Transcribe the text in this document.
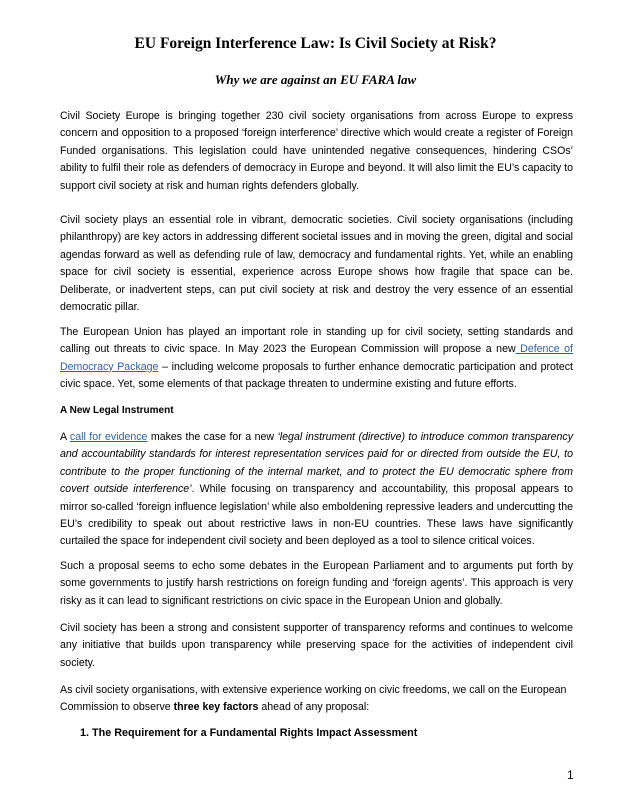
EU Foreign Interference Law: Is Civil Society at Risk?
Why we are against an EU FARA law

Civil Society Europe is bringing together 230 civil society organisations from across Europe to express concern and opposition to a proposed ‘foreign interference’ directive which would create a register of Foreign Funded organisations. This legislation could have unintended negative consequences, hindering CSOs’ ability to fulfil their role as defenders of democracy in Europe and beyond. It will also limit the EU’s capacity to support civil society at risk and human rights defenders globally.

Civil society plays an essential role in vibrant, democratic societies. Civil society organisations (including philanthropy) are key actors in addressing different societal issues and in moving the green, digital and social agendas forward as well as defending rule of law, democracy and fundamental rights. Yet, while an enabling space for civil society is essential, experience across Europe shows how fragile that space can be. Deliberate, or inadvertent steps, can put civil society at risk and destroy the very essence of an essential democratic pillar.

The European Union has played an important role in standing up for civil society, setting standards and calling out threats to civic space. In May 2023 the European Commission will propose a new Defence of Democracy Package – including welcome proposals to further enhance democratic participation and protect civic space. Yet, some elements of that package threaten to undermine existing and future efforts.

A New Legal Instrument

A call for evidence makes the case for a new ‘legal instrument (directive) to introduce common transparency and accountability standards for interest representation services paid for or directed from outside the EU, to contribute to the proper functioning of the internal market, and to protect the EU democratic sphere from covert outside interference’. While focusing on transparency and accountability, this proposal appears to mirror so-called ‘foreign influence legislation’ while also emboldening repressive leaders and undercutting the EU’s credibility to speak out about restrictive laws in non-EU countries. These laws have significantly curtailed the space for independent civil society and been deployed as a tool to silence critical voices.

Such a proposal seems to echo some debates in the European Parliament and to arguments put forth by some governments to justify harsh restrictions on foreign funding and ‘foreign agents’. This approach is very risky as it can lead to significant restrictions on civic space in the European Union and globally.

Civil society has been a strong and consistent supporter of transparency reforms and continues to welcome any initiative that builds upon transparency while preserving space for the activities of independent civil society.

As civil society organisations, with extensive experience working on civic freedoms, we call on the European Commission to observe three key factors ahead of any proposal:

1. The Requirement for a Fundamental Rights Impact Assessment
1
